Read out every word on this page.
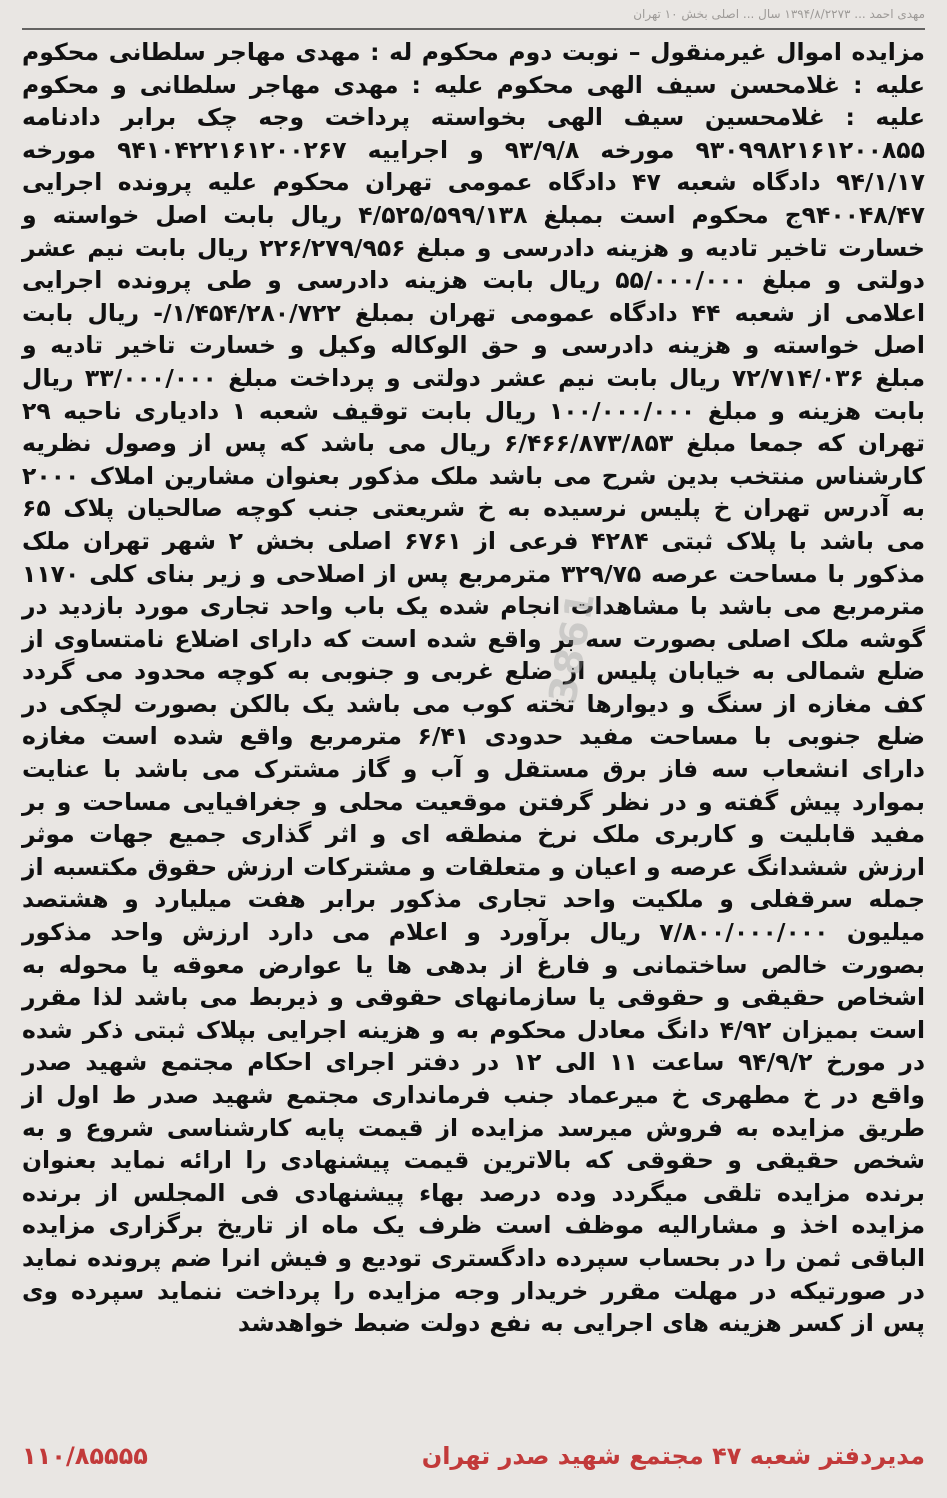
مهدی احمد ... ۱۳۹۴/۸/۲۲۷۳ سال ... اصلی بخش ۱۰ تهران
مزایده اموال غیرمنقول – نوبت دوم محکوم له : مهدی مهاجر سلطانی محکوم علیه : غلامحسن سیف الهی محکوم علیه : مهدی مهاجر سلطانی و محکوم علیه : غلامحسین سیف الهی بخواسته پرداخت وجه چک برابر دادنامه ۹۳۰۹۹۸۲۱۶۱۲۰۰۸۵۵ مورخه ۹۳/۹/۸ و اجراییه ۹۴۱۰۴۲۲۱۶۱۲۰۰۲۶۷ مورخه ۹۴/۱/۱۷ دادگاه شعبه ۴۷ دادگاه عمومی تهران محکوم علیه پرونده اجرایی ۹۴۰۰۴۸/۴۷ج محکوم است بمبلغ ۴/۵۲۵/۵۹۹/۱۳۸ ریال بابت اصل خواسته و خسارت تاخیر تادیه و هزینه دادرسی و مبلغ ۲۲۶/۲۷۹/۹۵۶ ریال بابت نیم عشر دولتی و مبلغ ۵۵/۰۰۰/۰۰۰ ریال بابت هزینه دادرسی و طی پرونده اجرایی اعلامی از شعبه ۴۴ دادگاه عمومی تهران بمبلغ ۱/۴۵۴/۲۸۰/۷۲۲/- ریال بابت اصل خواسته و هزینه دادرسی و حق الوکاله وکیل و خسارت تاخیر تادیه و مبلغ ۷۲/۷۱۴/۰۳۶ ریال بابت نیم عشر دولتی و پرداخت مبلغ ۳۳/۰۰۰/۰۰۰ ریال بابت هزینه و مبلغ ۱۰۰/۰۰۰/۰۰۰ ریال بابت توقیف شعبه ۱ دادیاری ناحیه ۲۹ تهران که جمعا مبلغ ۶/۴۶۶/۸۷۳/۸۵۳ ریال می باشد که پس از وصول نظریه کارشناس منتخب بدین شرح می باشد ملک مذکور بعنوان مشارین املاک ۲۰۰۰ به آدرس تهران خ پلیس نرسیده به خ شریعتی جنب کوچه صالحیان پلاک ۶۵ می باشد با پلاک ثبتی ۴۲۸۴ فرعی از ۶۷۶۱ اصلی بخش ۲ شهر تهران ملک مذکور با مساحت عرصه ۳۲۹/۷۵ مترمربع پس از اصلاحی و زیر بنای کلی ۱۱۷۰ مترمربع می باشد با مشاهدات انجام شده یک باب واحد تجاری مورد بازدید در گوشه ملک اصلی بصورت سه بر واقع شده است که دارای اضلاع نامتساوی از ضلع شمالی به خیابان پلیس از ضلع غربی و جنوبی به کوچه محدود می گردد کف مغازه از سنگ و دیوارها تخته کوب می باشد یک بالکن بصورت لچکی در ضلع جنوبی با مساحت مفید حدودی ۶/۴۱ مترمربع واقع شده است مغازه دارای انشعاب سه فاز برق مستقل و آب و گاز مشترک می باشد با عنایت بموارد پیش گفته و در نظر گرفتن موقعیت محلی و جغرافیایی مساحت و بر مفید قابلیت و کاربری ملک نرخ منطقه ای و اثر گذاری جمیع جهات موثر ارزش ششدانگ عرصه و اعیان و متعلقات و مشترکات ارزش حقوق مکتسبه از جمله سرقفلی و ملکیت واحد تجاری مذکور برابر هفت میلیارد و هشتصد میلیون ۷/۸۰۰/۰۰۰/۰۰۰ ریال برآورد و اعلام می دارد ارزش واحد مذکور بصورت خالص ساختمانی و فارغ از بدهی ها یا عوارض معوقه یا محوله به اشخاص حقیقی و حقوقی یا سازمانهای حقوقی و ذیربط می باشد لذا مقرر است بمیزان ۴/۹۲ دانگ معادل محکوم به و هزینه اجرایی بپلاک ثبتی ذکر شده در مورخ ۹۴/۹/۲ ساعت ۱۱ الی ۱۲ در دفتر اجرای احکام مجتمع شهید صدر واقع در خ مطهری خ میرعماد جنب فرمانداری مجتمع شهید صدر ط اول از طریق مزایده به فروش میرسد مزایده از قیمت پایه کارشناسی شروع و به شخص حقیقی و حقوقی که بالاترین قیمت پیشنهادی را ارائه نماید بعنوان برنده مزایده تلقی میگردد وده درصد بهاء پیشنهادی فی المجلس از برنده مزایده اخذ و مشارالیه موظف است ظرف یک ماه از تاریخ برگزاری مزایده الباقی ثمن را در بحساب سپرده دادگستری تودیع و فیش انرا ضم پرونده نماید در صورتیکه در مهلت مقرر خریدار وجه مزایده را پرداخت ننماید سپرده وی پس از کسر هزینه های اجرایی به نفع دولت ضبط خواهدشد
3861
۱۱۰/۸۵۵۵۵	مدیردفتر شعبه ۴۷ مجتمع شهید صدر تهران
